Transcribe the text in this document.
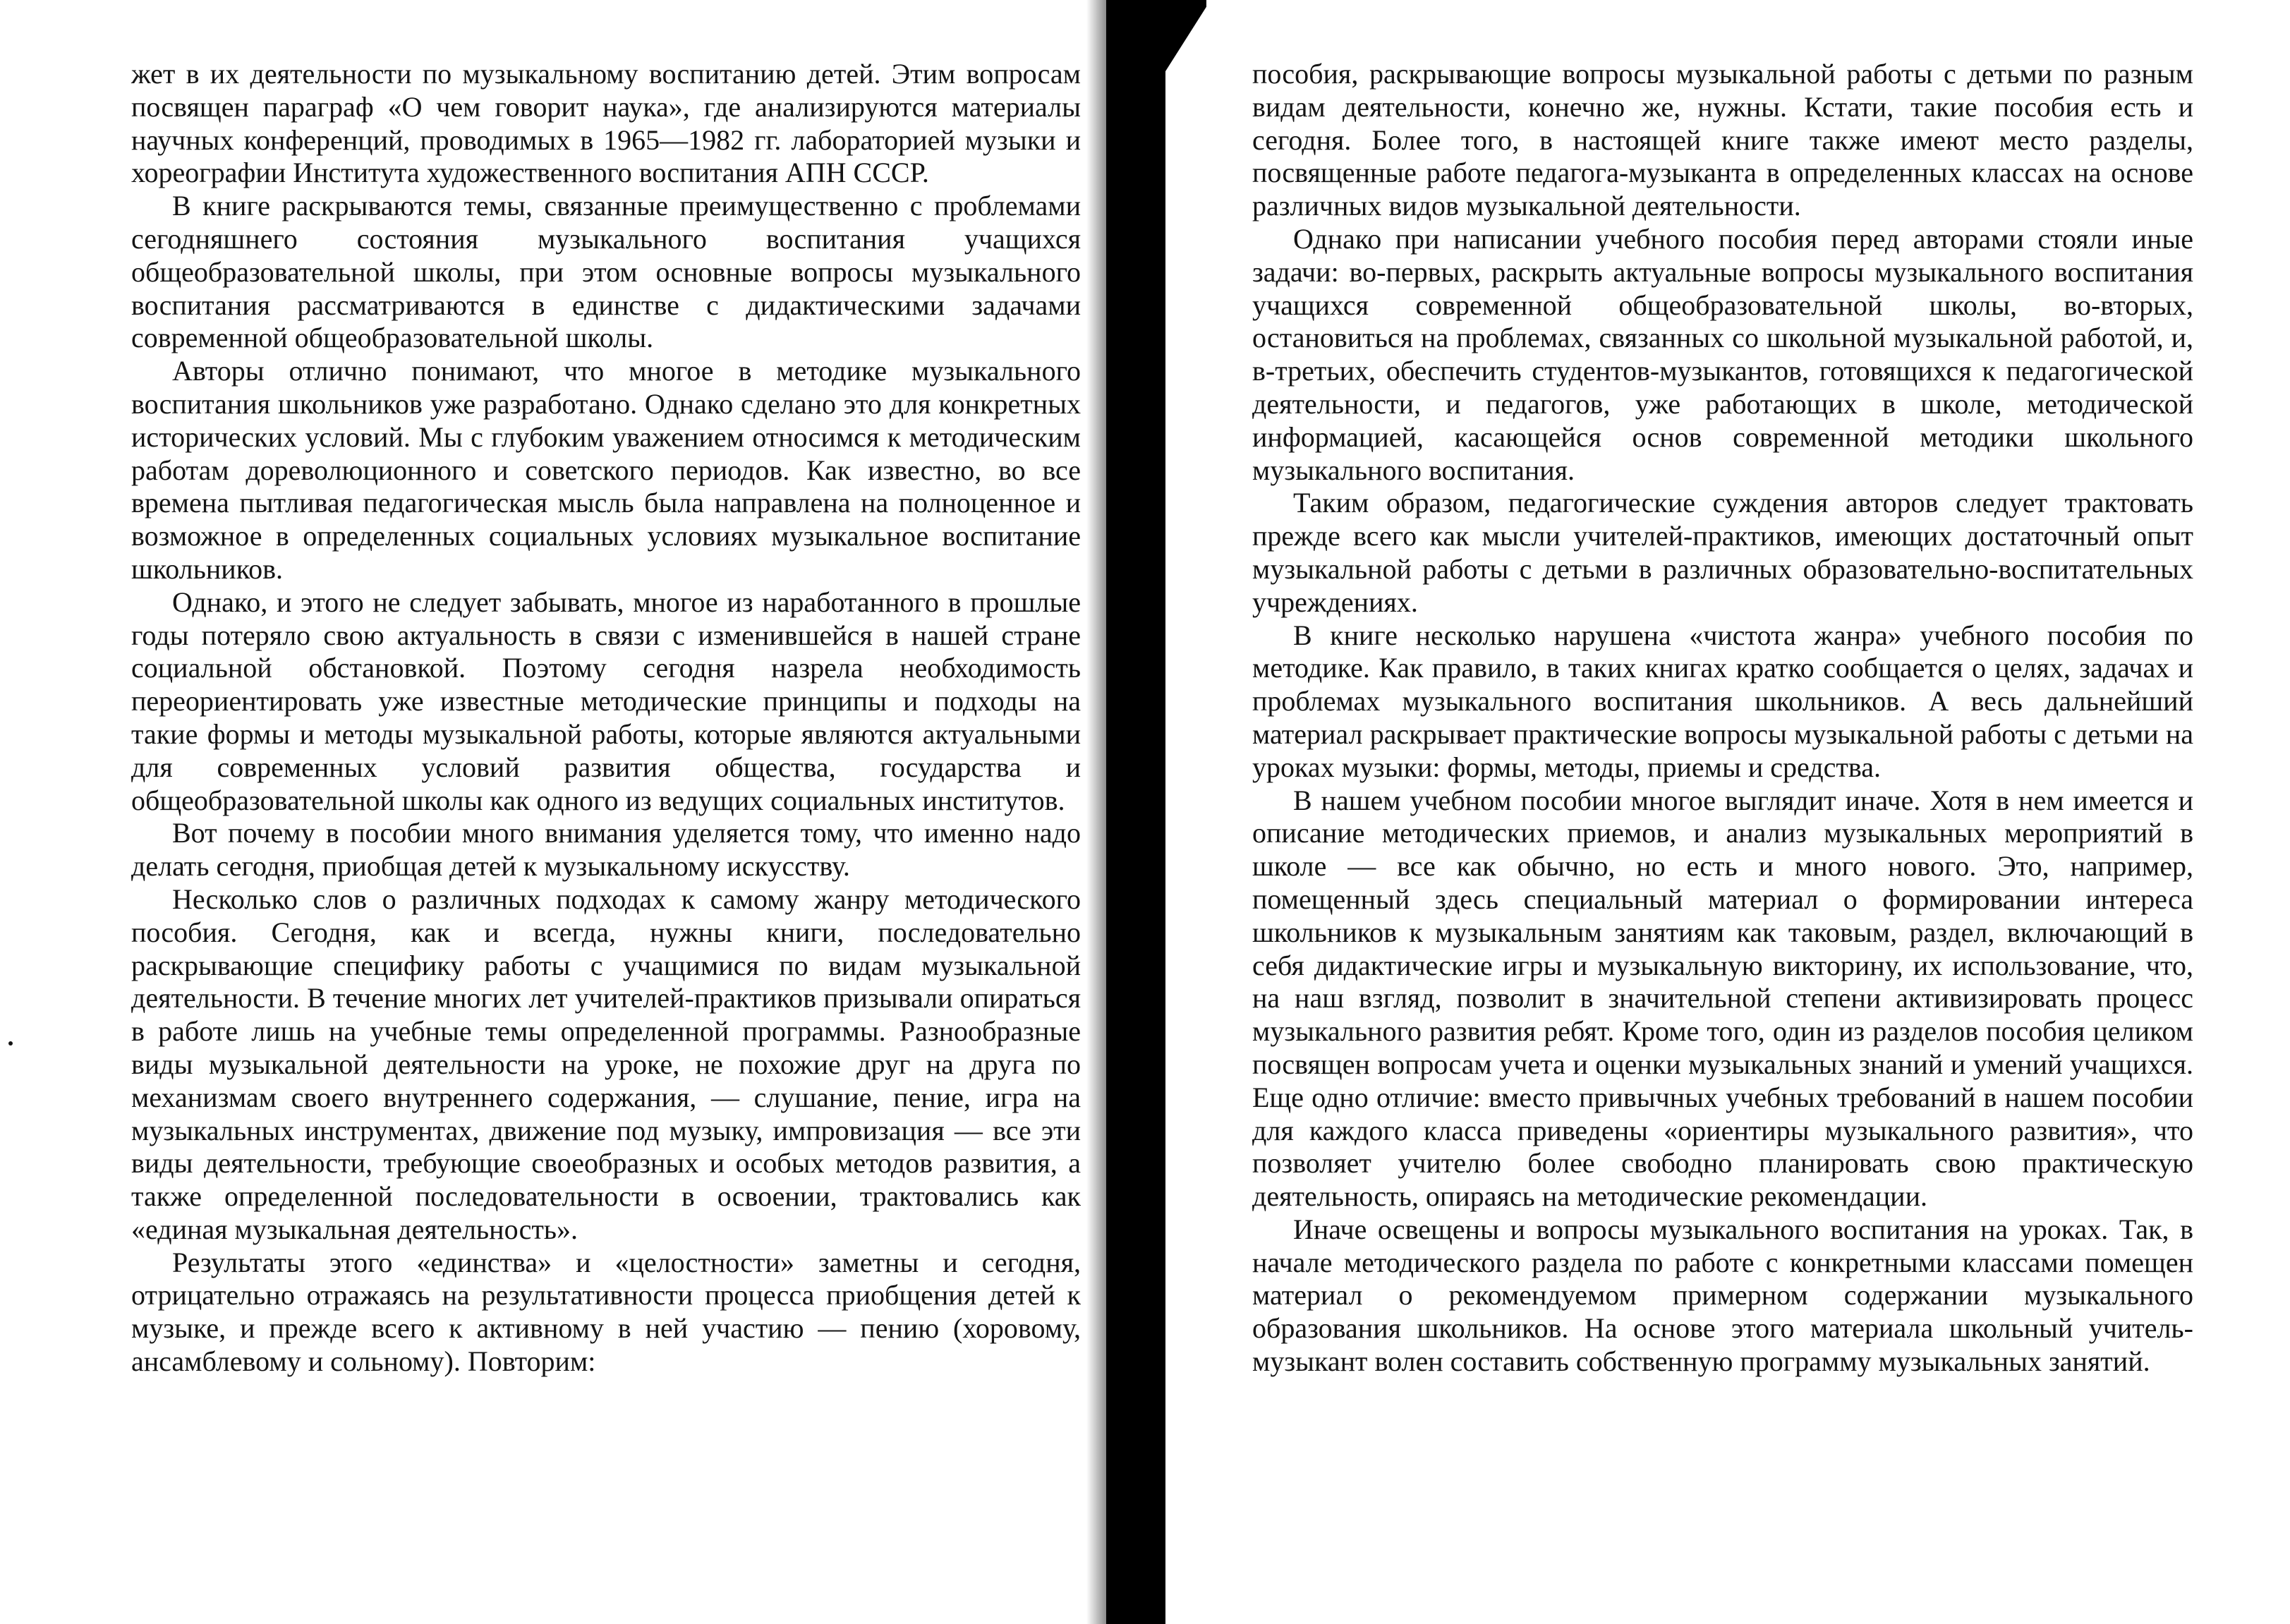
жет в их деятельности по музыкальному воспитанию детей. Этим вопросам посвящен параграф «О чем говорит наука», где анализируются материалы научных конференций, проводимых в 1965—1982 гг. лабораторией музыки и хореографии Института художественного воспитания АПН СССР.

В книге раскрываются темы, связанные преимущественно с проблемами сегодняшнего состояния музыкального воспитания учащихся общеобразовательной школы, при этом основные вопросы музыкального воспитания рассматриваются в единстве с дидактическими задачами современной общеобразовательной школы.

Авторы отлично понимают, что многое в методике музыкального воспитания школьников уже разработано. Однако сделано это для конкретных исторических условий. Мы с глубоким уважением относимся к методическим работам дореволюционного и советского периодов. Как известно, во все времена пытливая педагогическая мысль была направлена на полноценное и возможное в определенных социальных условиях музыкальное воспитание школьников.

Однако, и этого не следует забывать, многое из наработанного в прошлые годы потеряло свою актуальность в связи с изменившейся в нашей стране социальной обстановкой. Поэтому сегодня назрела необходимость переориентировать уже известные методические принципы и подходы на такие формы и методы музыкальной работы, которые являются актуальными для современных условий развития общества, государства и общеобразовательной школы как одного из ведущих социальных институтов.

Вот почему в пособии много внимания уделяется тому, что именно надо делать сегодня, приобщая детей к музыкальному искусству.

Несколько слов о различных подходах к самому жанру методического пособия. Сегодня, как и всегда, нужны книги, последовательно раскрывающие специфику работы с учащимися по видам музыкальной деятельности. В течение многих лет учителей-практиков призывали опираться в работе лишь на учебные темы определенной программы. Разнообразные виды музыкальной деятельности на уроке, не похожие друг на друга по механизмам своего внутреннего содержания, — слушание, пение, игра на музыкальных инструментах, движение под музыку, импровизация — все эти виды деятельности, требующие своеобразных и особых методов развития, а также определенной последовательности в освоении, трактовались как «единая музыкальная деятельность».

Результаты этого «единства» и «целостности» заметны и сегодня, отрицательно отражаясь на результативности процесса приобщения детей к музыке, и прежде всего к активному в ней участию — пению (хоровому, ансамблевому и сольному). Повторим:

пособия, раскрывающие вопросы музыкальной работы с детьми по разным видам деятельности, конечно же, нужны. Кстати, такие пособия есть и сегодня. Более того, в настоящей книге также имеют место разделы, посвященные работе педагога-музыканта в определенных классах на основе различных видов музыкальной деятельности.

Однако при написании учебного пособия перед авторами стояли иные задачи: во-первых, раскрыть актуальные вопросы музыкального воспитания учащихся современной общеобразовательной школы, во-вторых, остановиться на проблемах, связанных со школьной музыкальной работой, и, в-третьих, обеспечить студентов-музыкантов, готовящихся к педагогической деятельности, и педагогов, уже работающих в школе, методической информацией, касающейся основ современной методики школьного музыкального воспитания.

Таким образом, педагогические суждения авторов следует трактовать прежде всего как мысли учителей-практиков, имеющих достаточный опыт музыкальной работы с детьми в различных образовательно-воспитательных учреждениях.

В книге несколько нарушена «чистота жанра» учебного пособия по методике. Как правило, в таких книгах кратко сообщается о целях, задачах и проблемах музыкального воспитания школьников. А весь дальнейший материал раскрывает практические вопросы музыкальной работы с детьми на уроках музыки: формы, методы, приемы и средства.

В нашем учебном пособии многое выглядит иначе. Хотя в нем имеется и описание методических приемов, и анализ музыкальных мероприятий в школе — все как обычно, но есть и много нового. Это, например, помещенный здесь специальный материал о формировании интереса школьников к музыкальным занятиям как таковым, раздел, включающий в себя дидактические игры и музыкальную викторину, их использование, что, на наш взгляд, позволит в значительной степени активизировать процесс музыкального развития ребят. Кроме того, один из разделов пособия целиком посвящен вопросам учета и оценки музыкальных знаний и умений учащихся. Еще одно отличие: вместо привычных учебных требований в нашем пособии для каждого класса приведены «ориентиры музыкального развития», что позволяет учителю более свободно планировать свою практическую деятельность, опираясь на методические рекомендации.

Иначе освещены и вопросы музыкального воспитания на уроках. Так, в начале методического раздела по работе с конкретными классами помещен материал о рекомендуемом примерном содержании музыкального образования школьников. На основе этого материала школьный учитель-музыкант волен составить собственную программу музыкальных занятий.
